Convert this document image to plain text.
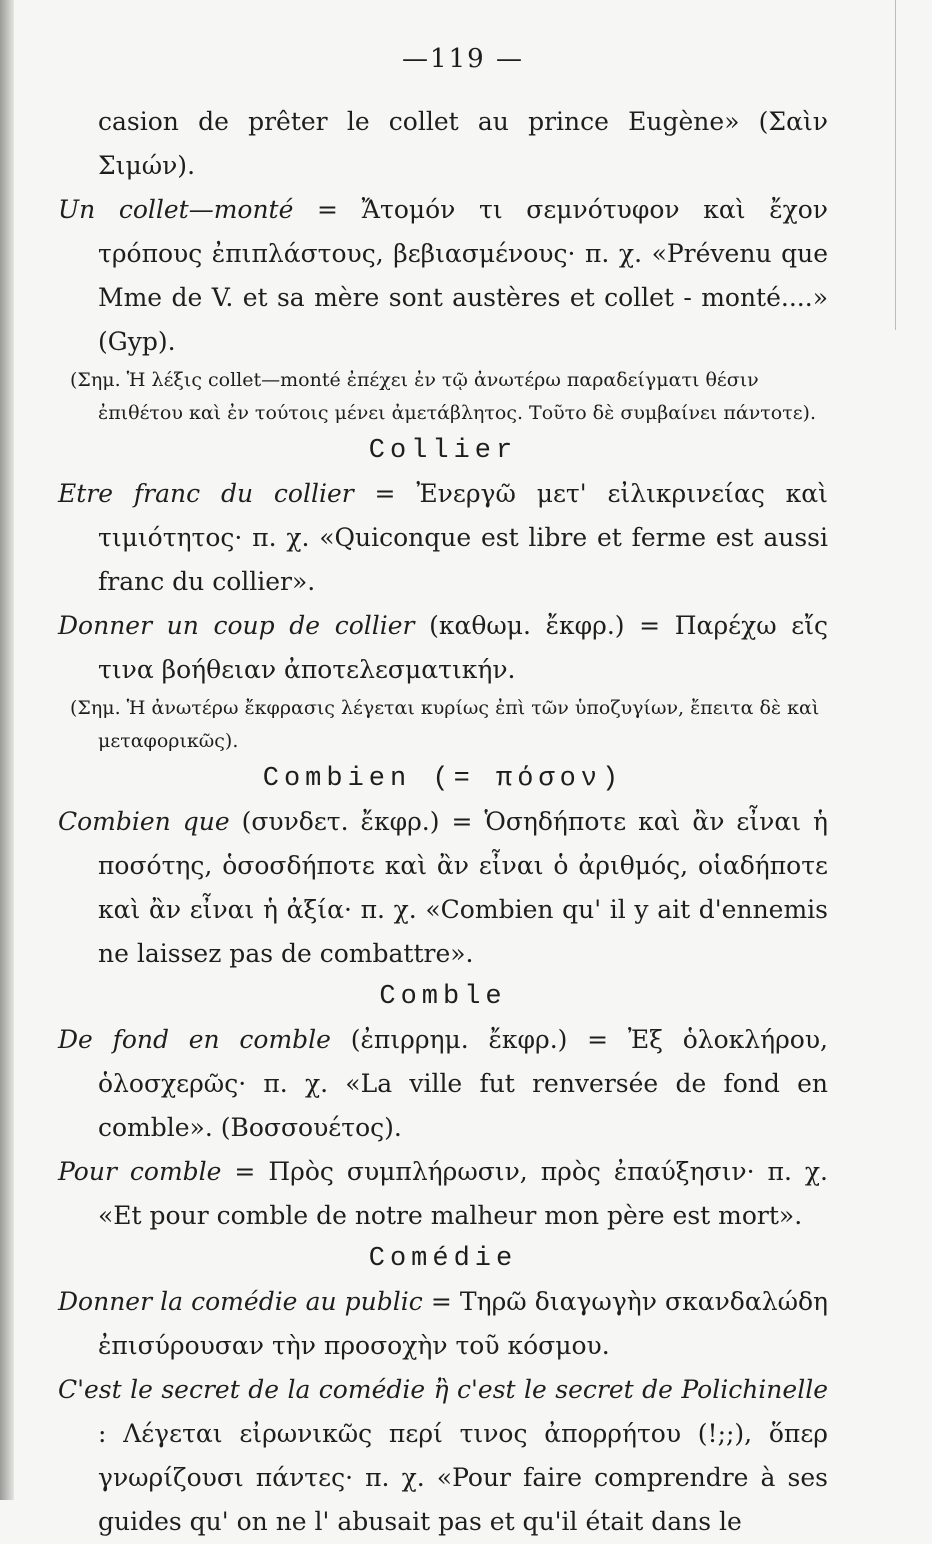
—119 —

casion de prêter le collet au prince Eugène» (Σαὶν Σιμών).

Un collet—monté = Ἄτομόν τι σεμνότυφον καὶ ἔχον τρόπους ἐπιπλάστους, βεβιασμένους· π. χ. «Prévenu que Mme de V. et sa mère sont austères et collet - monté....» (Gyp).

(Σημ. Ἡ λέξις collet—monté ἐπέχει ἐν τῷ ἀνωτέρω παραδείγματι θέσιν ἐπιθέτου καὶ ἐν τούτοις μένει ἀμετάβλητος. Τοῦτο δὲ συμβαίνει πάντοτε).

Collier

Etre franc du collier = Ἐνεργῶ μετ' εἰλικρινείας καὶ τιμιότητος· π. χ. «Quiconque est libre et ferme est aussi franc du collier».

Donner un coup de collier (καθωμ. ἔκφρ.) = Παρέχω εἴς τινα βοήθειαν ἀποτελεσματικήν.

(Σημ. Ἡ ἀνωτέρω ἔκφρασις λέγεται κυρίως ἐπὶ τῶν ὑποζυγίων, ἔπειτα δὲ καὶ μεταφορικῶς).

Combien (= πόσον)

Combien que (συνδετ. ἔκφρ.) = Ὁσηδήποτε καὶ ἂν εἶναι ἡ ποσότης, ὁσοσδήποτε καὶ ἂν εἶναι ὁ ἀριθμός, οἱαδήποτε καὶ ἂν εἶναι ἡ ἀξία· π. χ. «Combien qu' il y ait d'ennemis ne laissez pas de combattre».

Comble

De fond en comble (ἐπιρρημ. ἔκφρ.) = Ἐξ ὁλοκλήρου, ὁλοσχερῶς· π. χ. «La ville fut renversée de fond en comble». (Βοσσουέτος).

Pour comble = Πρὸς συμπλήρωσιν, πρὸς ἐπαύξησιν· π. χ. «Et pour comble de notre malheur mon père est mort».

Comédie

Donner la comédie au public = Τηρῶ διαγωγὴν σκανδαλώδη ἐπισύρουσαν τὴν προσοχὴν τοῦ κόσμου.

C'est le secret de la comédie ἢ c'est le secret de Polichinelle : Λέγεται εἰρωνικῶς περί τινος ἀπορρήτου (!;;), ὅπερ γνωρίζουσι πάντες· π. χ. «Pour faire comprendre à ses guides qu' on ne l' abusait pas et qu'il était dans le
